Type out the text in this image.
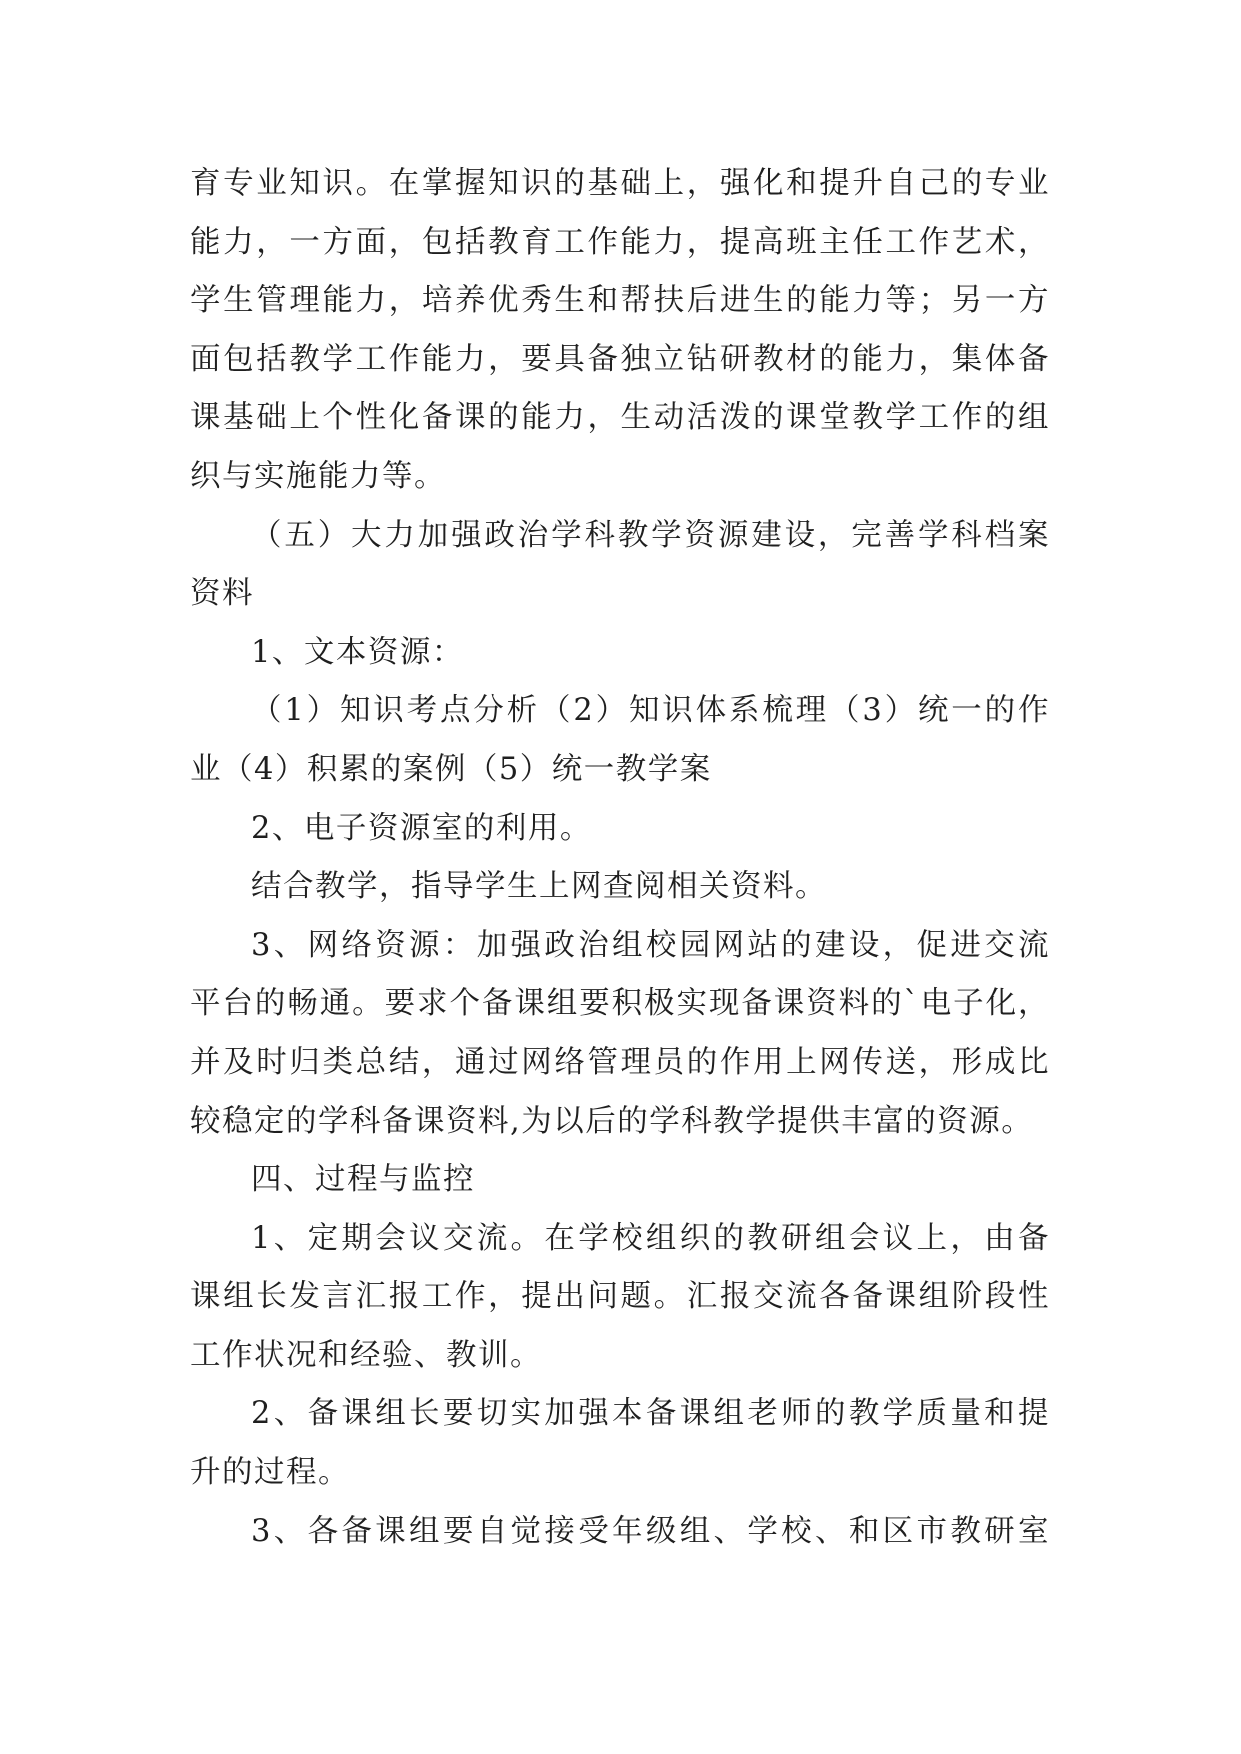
育专业知识。在掌握知识的基础上，强化和提升自己的专业
能力，一方面，包括教育工作能力，提高班主任工作艺术，
学生管理能力，培养优秀生和帮扶后进生的能力等；另一方
面包括教学工作能力，要具备独立钻研教材的能力，集体备
课基础上个性化备课的能力，生动活泼的课堂教学工作的组
织与实施能力等。

（五）大力加强政治学科教学资源建设，完善学科档案
资料

1、文本资源：

（1）知识考点分析（2）知识体系梳理（3）统一的作
业（4）积累的案例（5）统一教学案

2、电子资源室的利用。

结合教学，指导学生上网查阅相关资料。

3、网络资源：加强政治组校园网站的建设，促进交流
平台的畅通。要求个备课组要积极实现备课资料的`电子化，
并及时归类总结，通过网络管理员的作用上网传送，形成比
较稳定的学科备课资料,为以后的学科教学提供丰富的资源。

四、过程与监控

1、定期会议交流。在学校组织的教研组会议上，由备
课组长发言汇报工作，提出问题。汇报交流各备课组阶段性
工作状况和经验、教训。

2、备课组长要切实加强本备课组老师的教学质量和提
升的过程。

3、各备课组要自觉接受年级组、学校、和区市教研室
